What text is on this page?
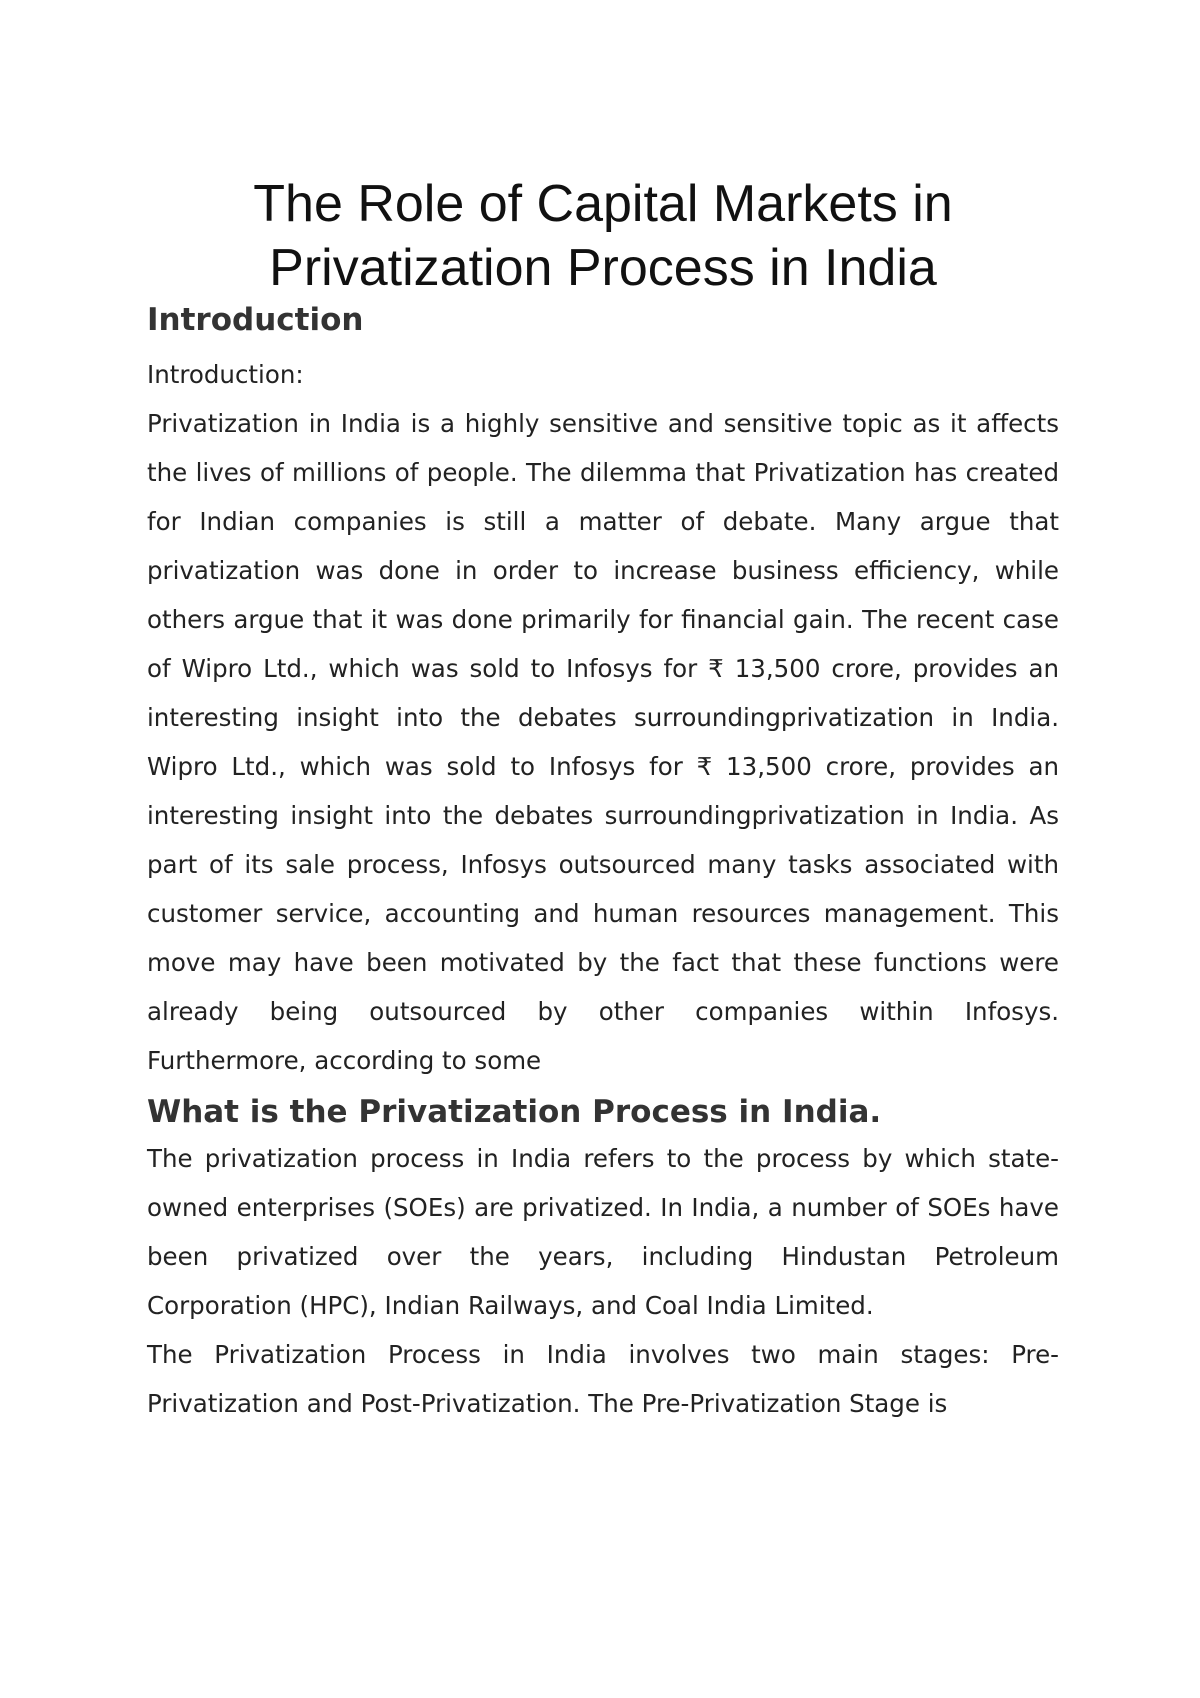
The Role of Capital Markets in Privatization Process in India
Introduction

Introduction:

Privatization in India is a highly sensitive and sensitive topic as it affects the lives of millions of people. The dilemma that Privatization has created for Indian companies is still a matter of debate. Many argue that privatization was done in order to increase business efficiency, while others argue that it was done primarily for financial gain. The recent case of Wipro Ltd., which was sold to Infosys for ₹ 13,500 crore, provides an interesting insight into the debates surroundingprivatization in India. Wipro Ltd., which was sold to Infosys for ₹ 13,500 crore, provides an interesting insight into the debates surroundingprivatization in India. As part of its sale process, Infosys outsourced many tasks associated with customer service, accounting and human resources management. This move may have been motivated by the fact that these functions were already being outsourced by other companies within Infosys. Furthermore, according to some

What is the Privatization Process in India.

The privatization process in India refers to the process by which state-owned enterprises (SOEs) are privatized. In India, a number of SOEs have been privatized over the years, including Hindustan Petroleum Corporation (HPC), Indian Railways, and Coal India Limited.

The Privatization Process in India involves two main stages: Pre-Privatization and Post-Privatization. The Pre-Privatization Stage is
